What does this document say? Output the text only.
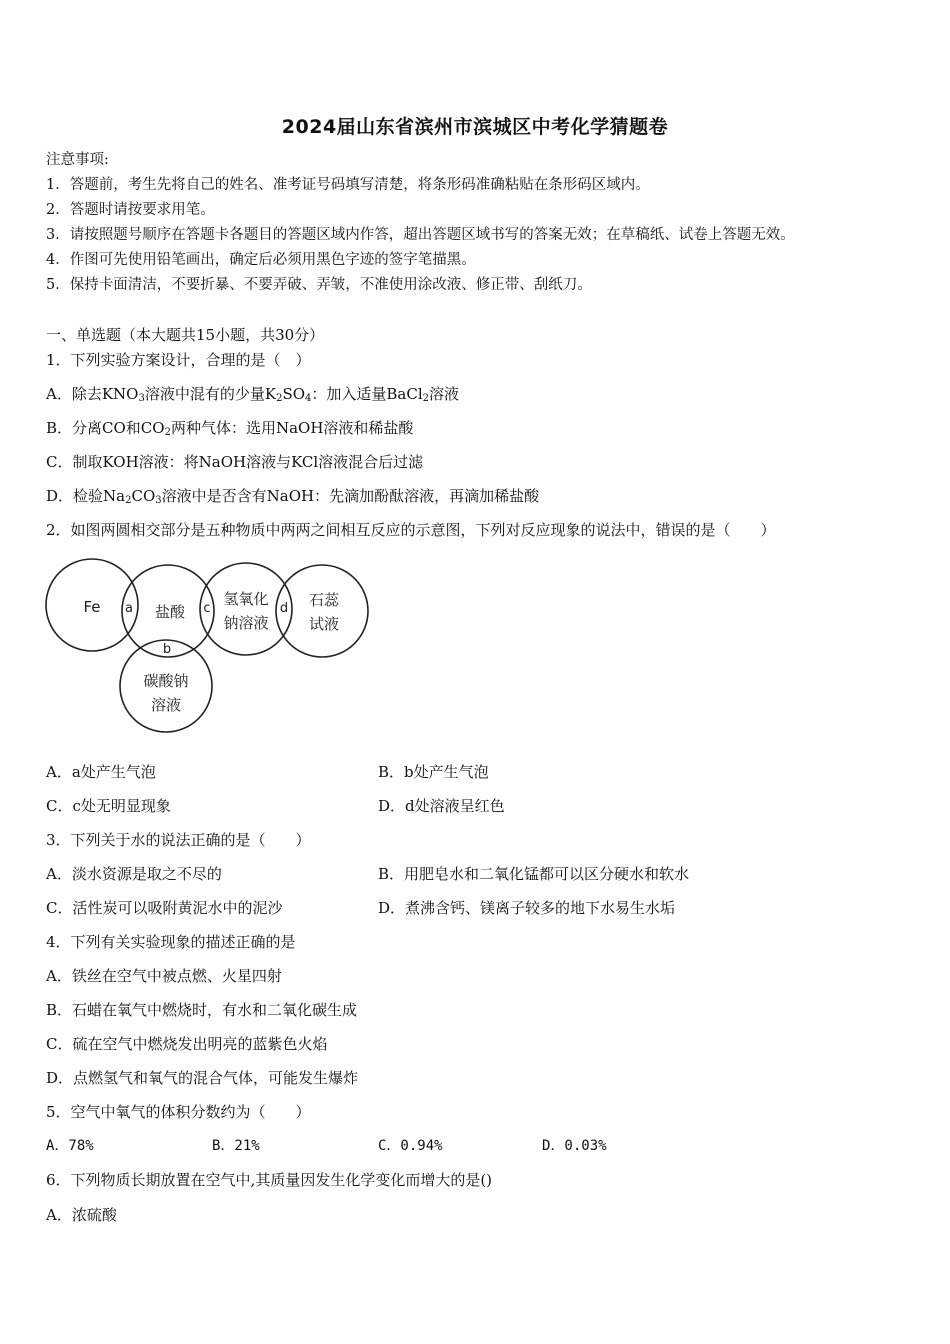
2024届山东省滨州市滨城区中考化学猜题卷
注意事项:
1．答题前，考生先将自己的姓名、准考证号码填写清楚，将条形码准确粘贴在条形码区域内。
2．答题时请按要求用笔。
3．请按照题号顺序在答题卡各题目的答题区域内作答，超出答题区域书写的答案无效；在草稿纸、试卷上答题无效。
4．作图可先使用铅笔画出，确定后必须用黑色字迹的签字笔描黑。
5．保持卡面清洁，不要折暴、不要弄破、弄皱，不准使用涂改液、修正带、刮纸刀。
一、单选题（本大题共15小题，共30分）
1．下列实验方案设计，合理的是（　）
A．除去$KNO_3$溶液中混有的少量$K_2SO_4$：加入适量BaCl$_2$溶液
B．分离CO和$CO_2$两种气体：选用NaOH溶液和稀盐酸
C．制取KOH溶液：将NaOH溶液与KCl溶液混合后过滤
D．检验$Na_2CO_3$溶液中是否含有NaOH：先滴加酚酞溶液，再滴加稀盐酸
2．如图两圆相交部分是五种物质中两两之间相互反应的示意图，下列对反应现象的说法中，错误的是（　　）
Fe	盐酸
氢氧化
钠溶液
石蕊
试液
碳酸钠
溶液
a
b
c	d
A．a处产生气泡	B．b处产生气泡
C．c处无明显现象	D．d处溶液呈红色
3．下列关于水的说法正确的是（　　）
A．淡水资源是取之不尽的	B．用肥皂水和二氧化锰都可以区分硬水和软水
C．活性炭可以吸附黄泥水中的泥沙	D．煮沸含钙、镁离子较多的地下水易生水垢
4．下列有关实验现象的描述正确的是
A．铁丝在空气中被点燃、火星四射
B．石蜡在氧气中燃烧时，有水和二氧化碳生成
C．硫在空气中燃烧发出明亮的蓝紫色火焰
D．点燃氢气和氧气的混合气体，可能发生爆炸
5．空气中氧气的体积分数约为（　　）
A．78%	B．21%	C．0.94%	D．0.03%
6．下列物质长期放置在空气中,其质量因发生化学变化而增大的是()
A．浓硫酸
